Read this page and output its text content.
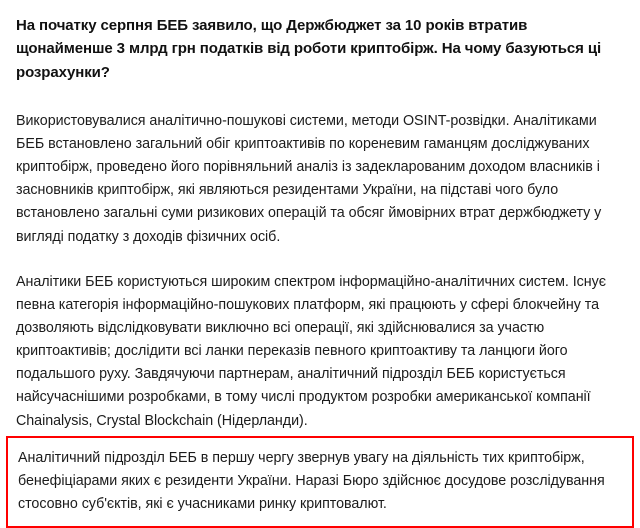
На початку серпня БЕБ заявило, що Держбюджет за 10 років втратив щонайменше 3 млрд грн податків від роботи криптобірж. На чому базуються ці розрахунки?

Використовувалися аналітично-пошукові системи, методи OSINT-розвідки. Аналітиками БЕБ встановлено загальний обіг криптоактивів по кореневим гаманцям досліджуваних криптобірж, проведено його порівняльний аналіз із задекларованим доходом власників і засновників криптобірж, які являються резидентами України, на підставі чого було встановлено загальні суми ризикових операцій та обсяг ймовірних втрат держбюджету у вигляді податку з доходів фізичних осіб.

Аналітики БЕБ користуються широким спектром інформаційно-аналітичних систем. Існує певна категорія інформаційно-пошукових платформ, які працюють у сфері блокчейну та дозволяють відслідковувати виключно всі операції, які здійснювалися за участю криптоактивів; дослідити всі ланки переказів певного криптоактиву та ланцюги його подальшого руху. Завдячуючи партнерам, аналітичний підрозділ БЕБ користується найсучаснішими розробками, в тому числі продуктом розробки американської компанії Chainalysis, Crystal Blockchain (Нідерланди).

Аналітичний підрозділ БЕБ в першу чергу звернув увагу на діяльність тих криптобірж, бенефіціарами яких є резиденти України. Наразі Бюро здійснює досудове розслідування стосовно суб'єктів, які є учасниками ринку криптовалют.
